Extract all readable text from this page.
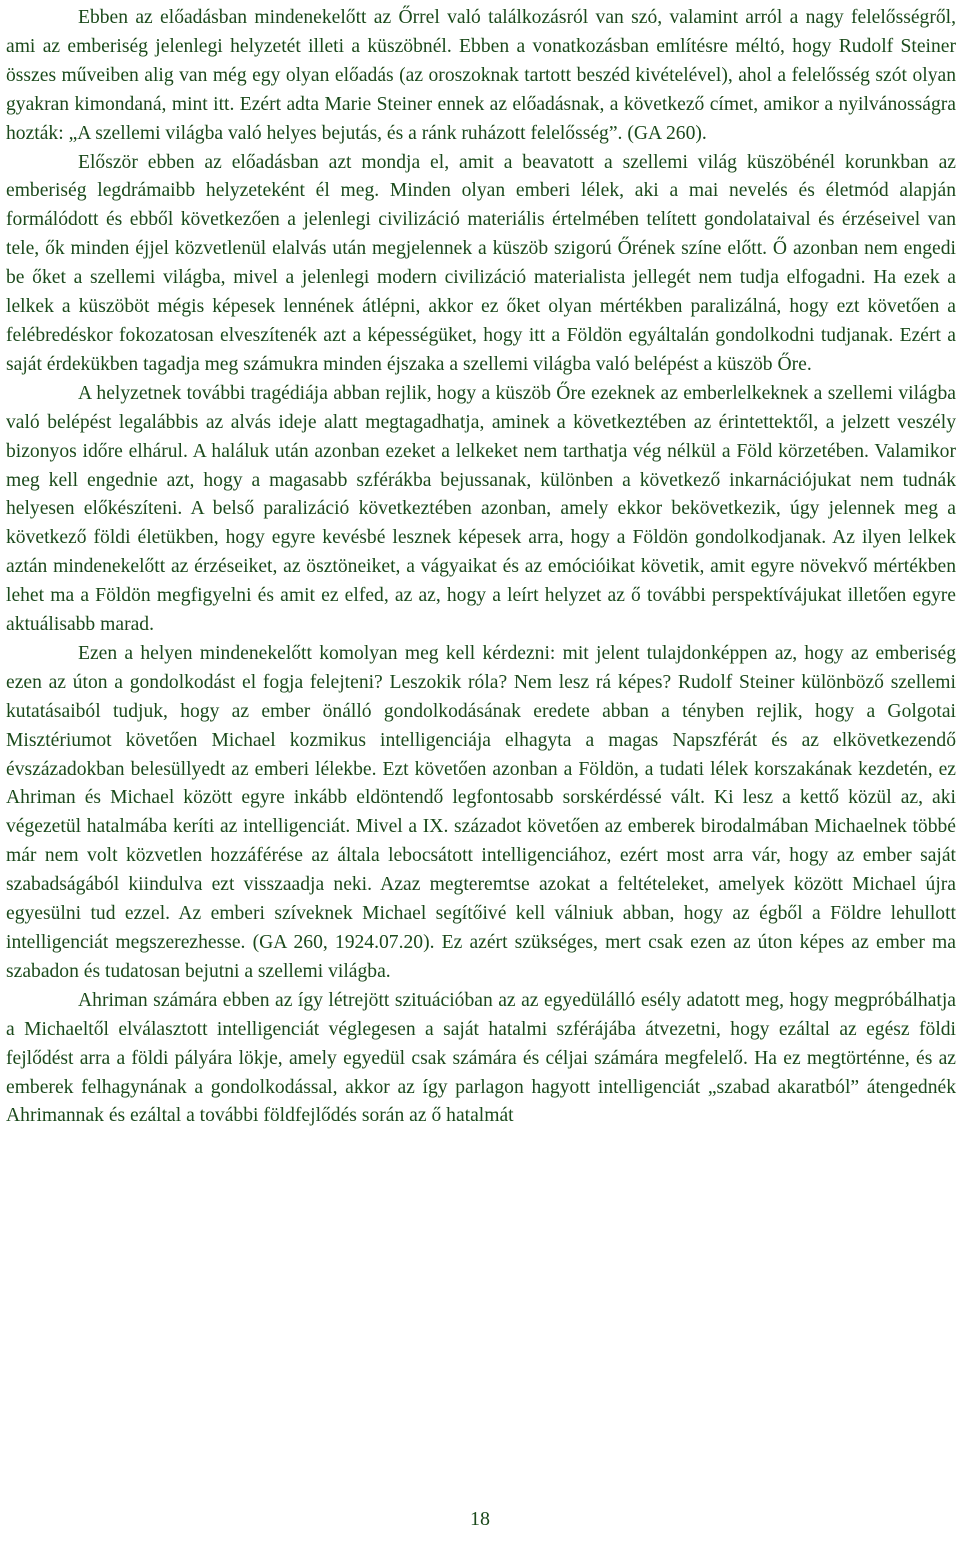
Ebben az előadásban mindenekelőtt az Őrrel való találkozásról van szó, valamint arról a nagy felelősségről, ami az emberiség jelenlegi helyzetét illeti a küszöbnél. Ebben a vonatkozásban említésre méltó, hogy Rudolf Steiner összes műveiben alig van még egy olyan előadás (az oroszoknak tartott beszéd kivételével), ahol a felelősség szót olyan gyakran kimondaná, mint itt. Ezért adta Marie Steiner ennek az előadásnak, a következő címet, amikor a nyilvánosságra hozták: „A szellemi világba való helyes bejutás, és a ránk ruházott felelősség”. (GA 260).

Először ebben az előadásban azt mondja el, amit a beavatott a szellemi világ küszöbénél korunkban az emberiség legdrámaibb helyzeteként él meg. Minden olyan emberi lélek, aki a mai nevelés és életmód alapján formálódott és ebből következően a jelenlegi civilizáció materiális értelmében telített gondolataival és érzéseivel van tele, ők minden éjjel közvetlenül elalvás után megjelennek a küszöb szigorú Őrének színe előtt. Ő azonban nem engedi be őket a szellemi világba, mivel a jelenlegi modern civilizáció materialista jellegét nem tudja elfogadni. Ha ezek a lelkek a küszöböt mégis képesek lennének átlépni, akkor ez őket olyan mértékben paralizálná, hogy ezt követően a felébredéskor fokozatosan elveszítenék azt a képességüket, hogy itt a Földön egyáltalán gondolkodni tudjanak. Ezért a saját érdekükben tagadja meg számukra minden éjszaka a szellemi világba való belépést a küszöb Őre.

A helyzetnek további tragédiája abban rejlik, hogy a küszöb Őre ezeknek az emberlelkeknek a szellemi világba való belépést legalábbis az alvás ideje alatt megtagadhatja, aminek a következtében az érintettektől, a jelzett veszély bizonyos időre elhárul. A haláluk után azonban ezeket a lelkeket nem tarthatja vég nélkül a Föld körzetében. Valamikor meg kell engednie azt, hogy a magasabb szférákba bejussanak, különben a következő inkarnációjukat nem tudnák helyesen előkészíteni. A belső paralizáció következtében azonban, amely ekkor bekövetkezik, úgy jelennek meg a következő földi életükben, hogy egyre kevésbé lesznek képesek arra, hogy a Földön gondolkodjanak. Az ilyen lelkek aztán mindenekelőtt az érzéseiket, az ösztöneiket, a vágyaikat és az emócióikat követik, amit egyre növekvő mértékben lehet ma a Földön megfigyelni és amit ez elfed, az az, hogy a leírt helyzet az ő további perspektívájukat illetően egyre aktuálisabb marad.

Ezen a helyen mindenekelőtt komolyan meg kell kérdezni: mit jelent tulajdonképpen az, hogy az emberiség ezen az úton a gondolkodást el fogja felejteni? Leszokik róla? Nem lesz rá képes? Rudolf Steiner különböző szellemi kutatásaiból tudjuk, hogy az ember önálló gondolkodásának eredete abban a tényben rejlik, hogy a Golgotai Misztériumot követően Michael kozmikus intelligenciája elhagyta a magas Napszférát és az elkövetkezendő évszázadokban belesüllyedt az emberi lélekbe. Ezt követően azonban a Földön, a tudati lélek korszakának kezdetén, ez Ahriman és Michael között egyre inkább eldöntendő legfontosabb sorskérdéssé vált. Ki lesz a kettő közül az, aki végezetül hatalmába keríti az intelligenciát. Mivel a IX. századot követően az emberek birodalmában Michaelnek többé már nem volt közvetlen hozzáférése az általa lebocsátott intelligenciához, ezért most arra vár, hogy az ember saját szabadságából kiindulva ezt visszaadja neki. Azaz megteremtse azokat a feltételeket, amelyek között Michael újra egyesülni tud ezzel. Az emberi szíveknek Michael segítőivé kell válniuk abban, hogy az égből a Földre lehullott intelligenciát megszerezhesse. (GA 260, 1924.07.20). Ez azért szükséges, mert csak ezen az úton képes az ember ma szabadon és tudatosan bejutni a szellemi világba.

Ahriman számára ebben az így létrejött szituációban az az egyedülálló esély adatott meg, hogy megpróbálhatja a Michaeltől elválasztott intelligenciát véglegesen a saját hatalmi szférájába átvezetni, hogy ezáltal az egész földi fejlődést arra a földi pályára lökje, amely egyedül csak számára és céljai számára megfelelő. Ha ez megtörténne, és az emberek felhagynának a gondolkodással, akkor az így parlagon hagyott intelligenciát „szabad akaratból” átengednék Ahrimannak és ezáltal a további földfejlődés során az ő hatalmát

18
